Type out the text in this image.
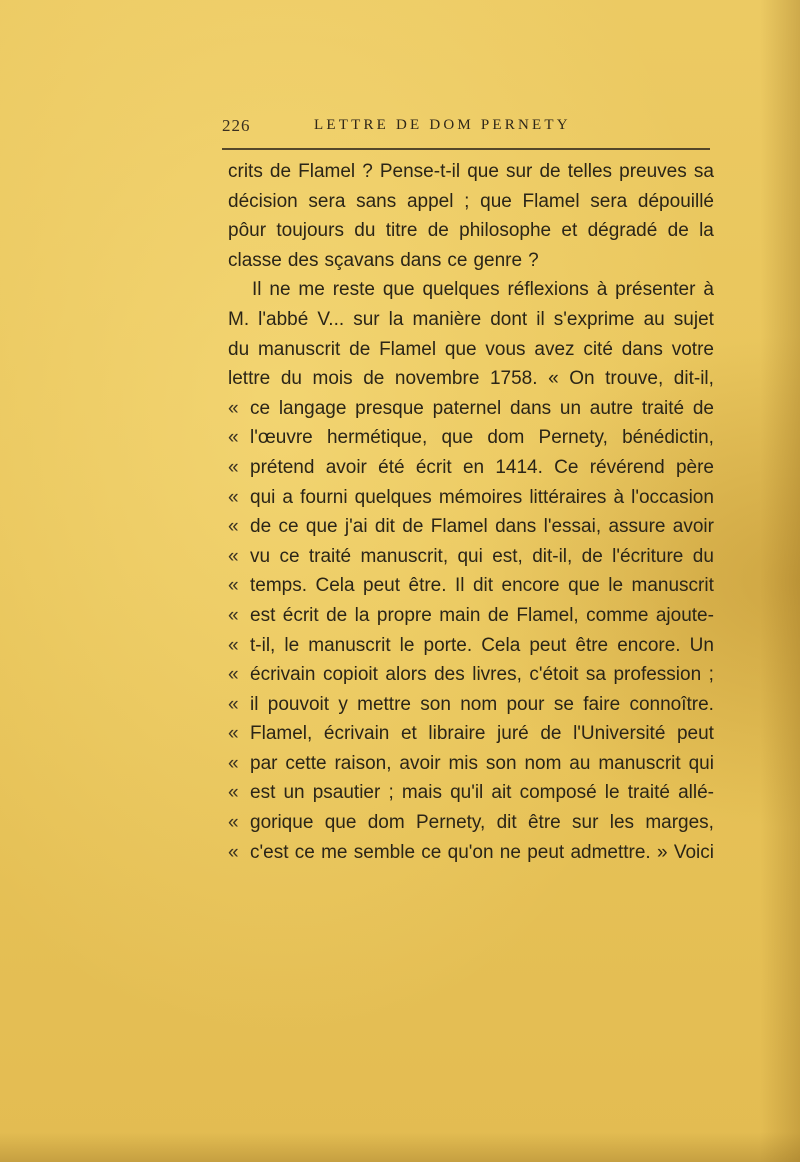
226	LETTRE DE DOM PERNETY
crits de Flamel ? Pense-t-il que sur de telles preuves sa
décision sera sans appel ; que Flamel sera dépouillé
pôur toujours du titre de philosophe et dégradé de la
classe des sçavans dans ce genre ?
Il ne me reste que quelques réflexions à présenter à
M. l'abbé V... sur la manière dont il s'exprime au sujet
du manuscrit de Flamel que vous avez cité dans votre
lettre du mois de novembre 1758. « On trouve, dit-il,
« ce langage presque paternel dans un autre traité de
« l'œuvre hermétique, que dom Pernety, bénédictin,
« prétend avoir été écrit en 1414. Ce révérend père
« qui a fourni quelques mémoires littéraires à l'occasion
« de ce que j'ai dit de Flamel dans l'essai, assure avoir
« vu ce traité manuscrit, qui est, dit-il, de l'écriture du
« temps. Cela peut être. Il dit encore que le manuscrit
« est écrit de la propre main de Flamel, comme ajoute-
« t-il, le manuscrit le porte. Cela peut être encore. Un
« écrivain copioit alors des livres, c'étoit sa profession ;
« il pouvoit y mettre son nom pour se faire connoître.
« Flamel, écrivain et libraire juré de l'Université peut
« par cette raison, avoir mis son nom au manuscrit qui
« est un psautier ; mais qu'il ait composé le traité allé-
« gorique que dom Pernety, dit être sur les marges,
« c'est ce me semble ce qu'on ne peut admettre. » Voici
